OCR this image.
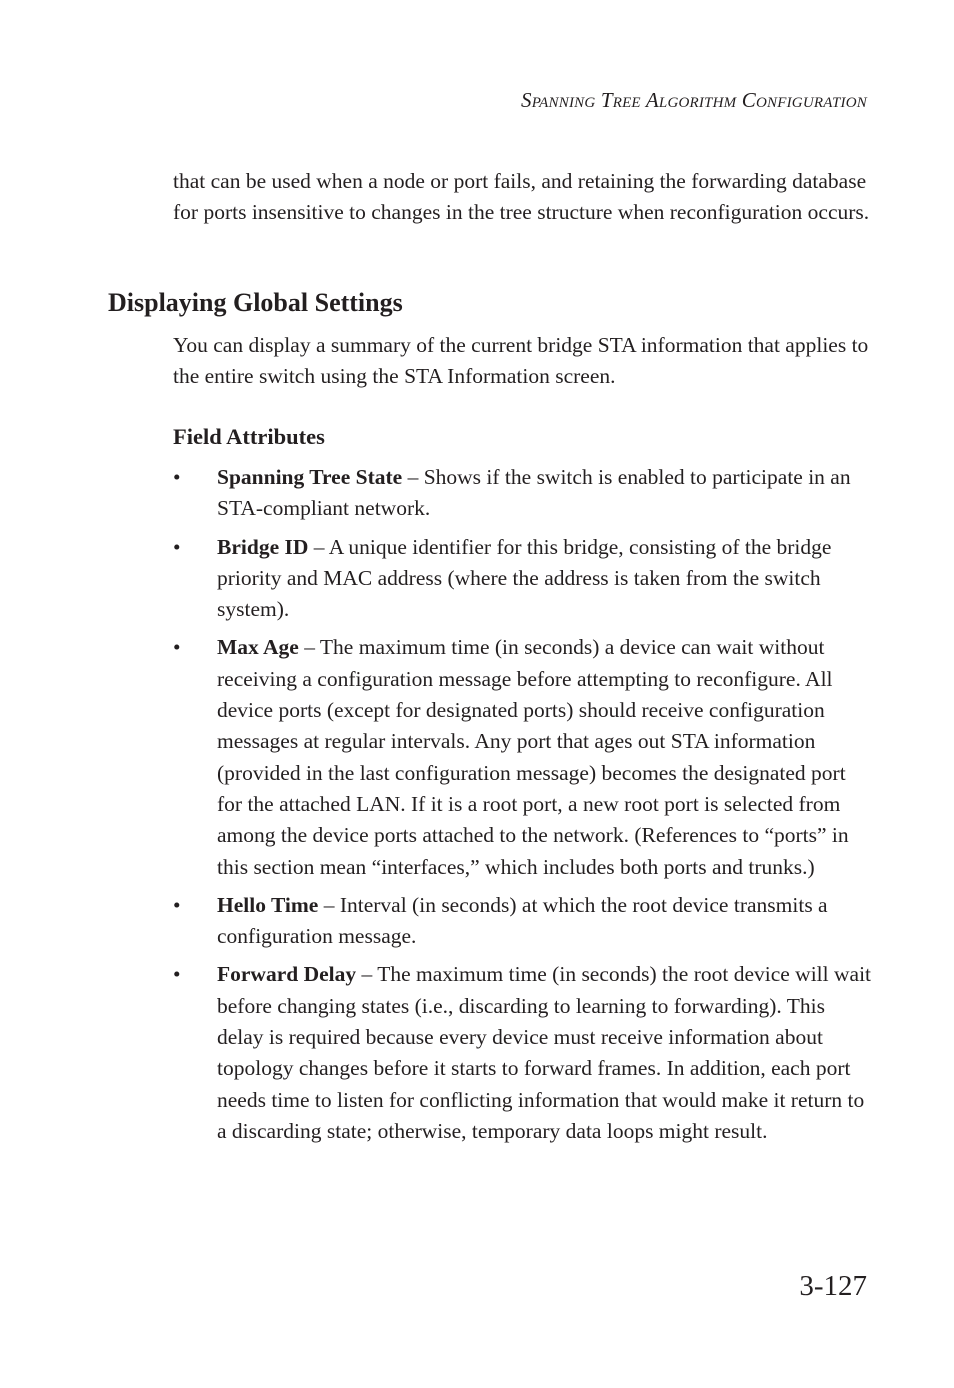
Spanning Tree Algorithm Configuration

that can be used when a node or port fails, and retaining the forwarding database for ports insensitive to changes in the tree structure when reconfiguration occurs.

Displaying Global Settings

You can display a summary of the current bridge STA information that applies to the entire switch using the STA Information screen.

Field Attributes
• Spanning Tree State – Shows if the switch is enabled to participate in an STA-compliant network.
• Bridge ID – A unique identifier for this bridge, consisting of the bridge priority and MAC address (where the address is taken from the switch system).
• Max Age – The maximum time (in seconds) a device can wait without receiving a configuration message before attempting to reconfigure. All device ports (except for designated ports) should receive configuration messages at regular intervals. Any port that ages out STA information (provided in the last configuration message) becomes the designated port for the attached LAN. If it is a root port, a new root port is selected from among the device ports attached to the network. (References to “ports” in this section mean “interfaces,” which includes both ports and trunks.)
• Hello Time – Interval (in seconds) at which the root device transmits a configuration message.
• Forward Delay – The maximum time (in seconds) the root device will wait before changing states (i.e., discarding to learning to forwarding). This delay is required because every device must receive information about topology changes before it starts to forward frames. In addition, each port needs time to listen for conflicting information that would make it return to a discarding state; otherwise, temporary data loops might result.
3-127
